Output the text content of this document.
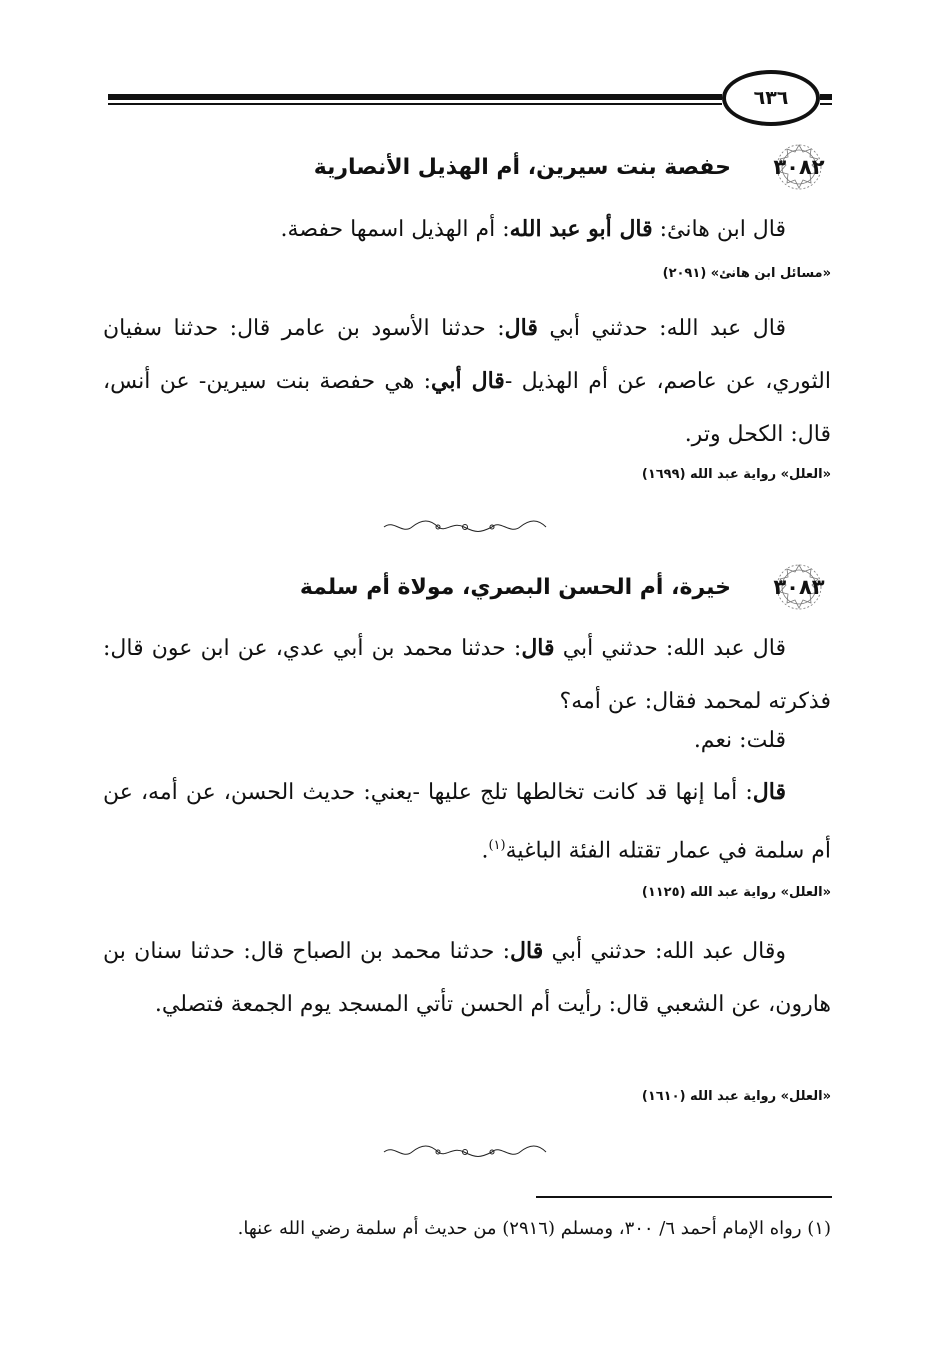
٦٣٦
٣٠٨٢
حفصة بنت سيرين، أم الهذيل الأنصارية
قال ابن هانئ: قال أبو عبد الله: أم الهذيل اسمها حفصة.
«مسائل ابن هانئ» (٢٠٩١)
قال عبد الله: حدثني أبي قال: حدثنا الأسود بن عامر قال: حدثنا سفيان الثوري، عن عاصم، عن أم الهذيل -قال أبي: هي حفصة بنت سيرين- عن أنس، قال: الكحل وتر.
«العلل» رواية عبد الله (١٦٩٩)
٣٠٨٣
خيرة، أم الحسن البصري، مولاة أم سلمة
قال عبد الله: حدثني أبي قال: حدثنا محمد بن أبي عدي، عن ابن عون قال: فذكرته لمحمد فقال: عن أمه؟
قلت: نعم.
قال: أما إنها قد كانت تخالطها تلج عليها -يعني: حديث الحسن، عن أمه، عن أم سلمة في عمار تقتله الفئة الباغية$^{(١)}$.
«العلل» رواية عبد الله (١١٢٥)
وقال عبد الله: حدثني أبي قال: حدثنا محمد بن الصباح قال: حدثنا سنان بن هارون، عن الشعبي قال: رأيت أم الحسن تأتي المسجد يوم الجمعة فتصلي.
«العلل» رواية عبد الله (١٦١٠)
(١) رواه الإمام أحمد ٦/ ٣٠٠، ومسلم (٢٩١٦) من حديث أم سلمة رضي الله عنها.
